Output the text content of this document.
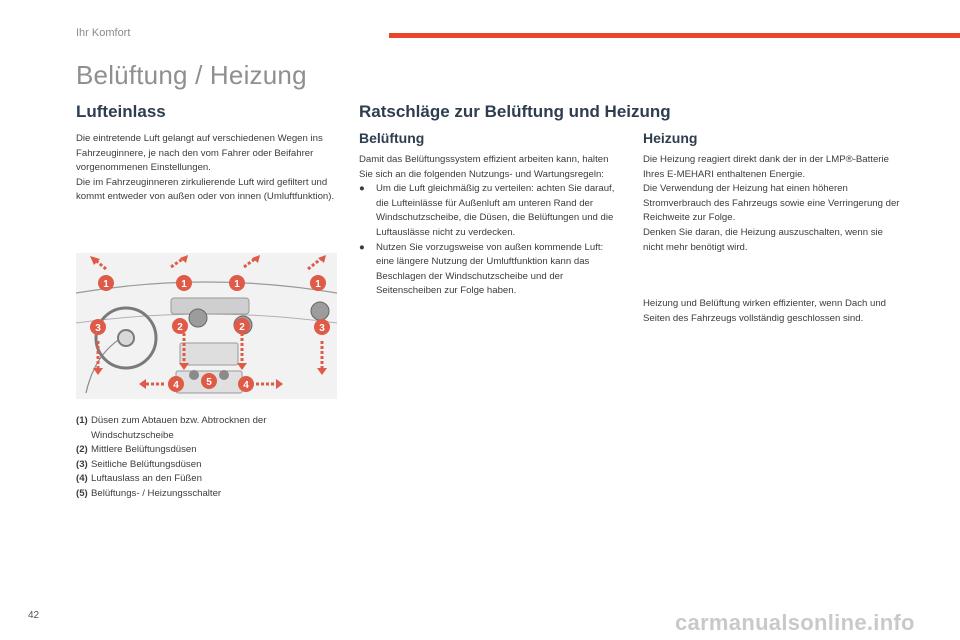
Ihr Komfort
Belüftung / Heizung
Lufteinlass

Die eintretende Luft gelangt auf verschiedenen Wegen ins Fahrzeuginnere, je nach den vom Fahrer oder Beifahrer vorgenommenen Einstellungen.

Die im Fahrzeuginneren zirkulierende Luft wird gefiltert und kommt entweder von außen oder von innen (Umluftfunktion).

1	1	1	1
2	2
3	3
4	4
5
(1) Düsen zum Abtauen bzw. Abtrocknen der Windschutzscheibe
(2) Mittlere Belüftungsdüsen
(3) Seitliche Belüftungsdüsen
(4) Luftauslass an den Füßen
(5) Belüftungs- / Heizungsschalter
Ratschläge zur Belüftung und Heizung
Belüftung

Damit das Belüftungssystem effizient arbeiten kann, halten Sie sich an die folgenden Nutzungs- und Wartungsregeln:

●	Um die Luft gleichmäßig zu verteilen: achten Sie darauf, die Lufteinlässe für Außenluft am unteren Rand der Windschutzscheibe, die Düsen, die Belüftungen und die Luftauslässe nicht zu verdecken.
●	Nutzen Sie vorzugsweise von außen kommende Luft: eine längere Nutzung der Umluftfunktion kann das Beschlagen der Windschutzscheibe und der Seitenscheiben zur Folge haben.
Heizung

Die Heizung reagiert direkt dank der in der LMP®-Batterie Ihres E-MEHARI enthaltenen Energie.

Die Verwendung der Heizung hat einen höheren Stromverbrauch des Fahrzeugs sowie eine Verringerung der Reichweite zur Folge.

Denken Sie daran, die Heizung auszuschalten, wenn sie nicht mehr benötigt wird.

Heizung und Belüftung wirken effizienter, wenn Dach und Seiten des Fahrzeugs vollständig geschlossen sind.

42	carmanualsonline.info
